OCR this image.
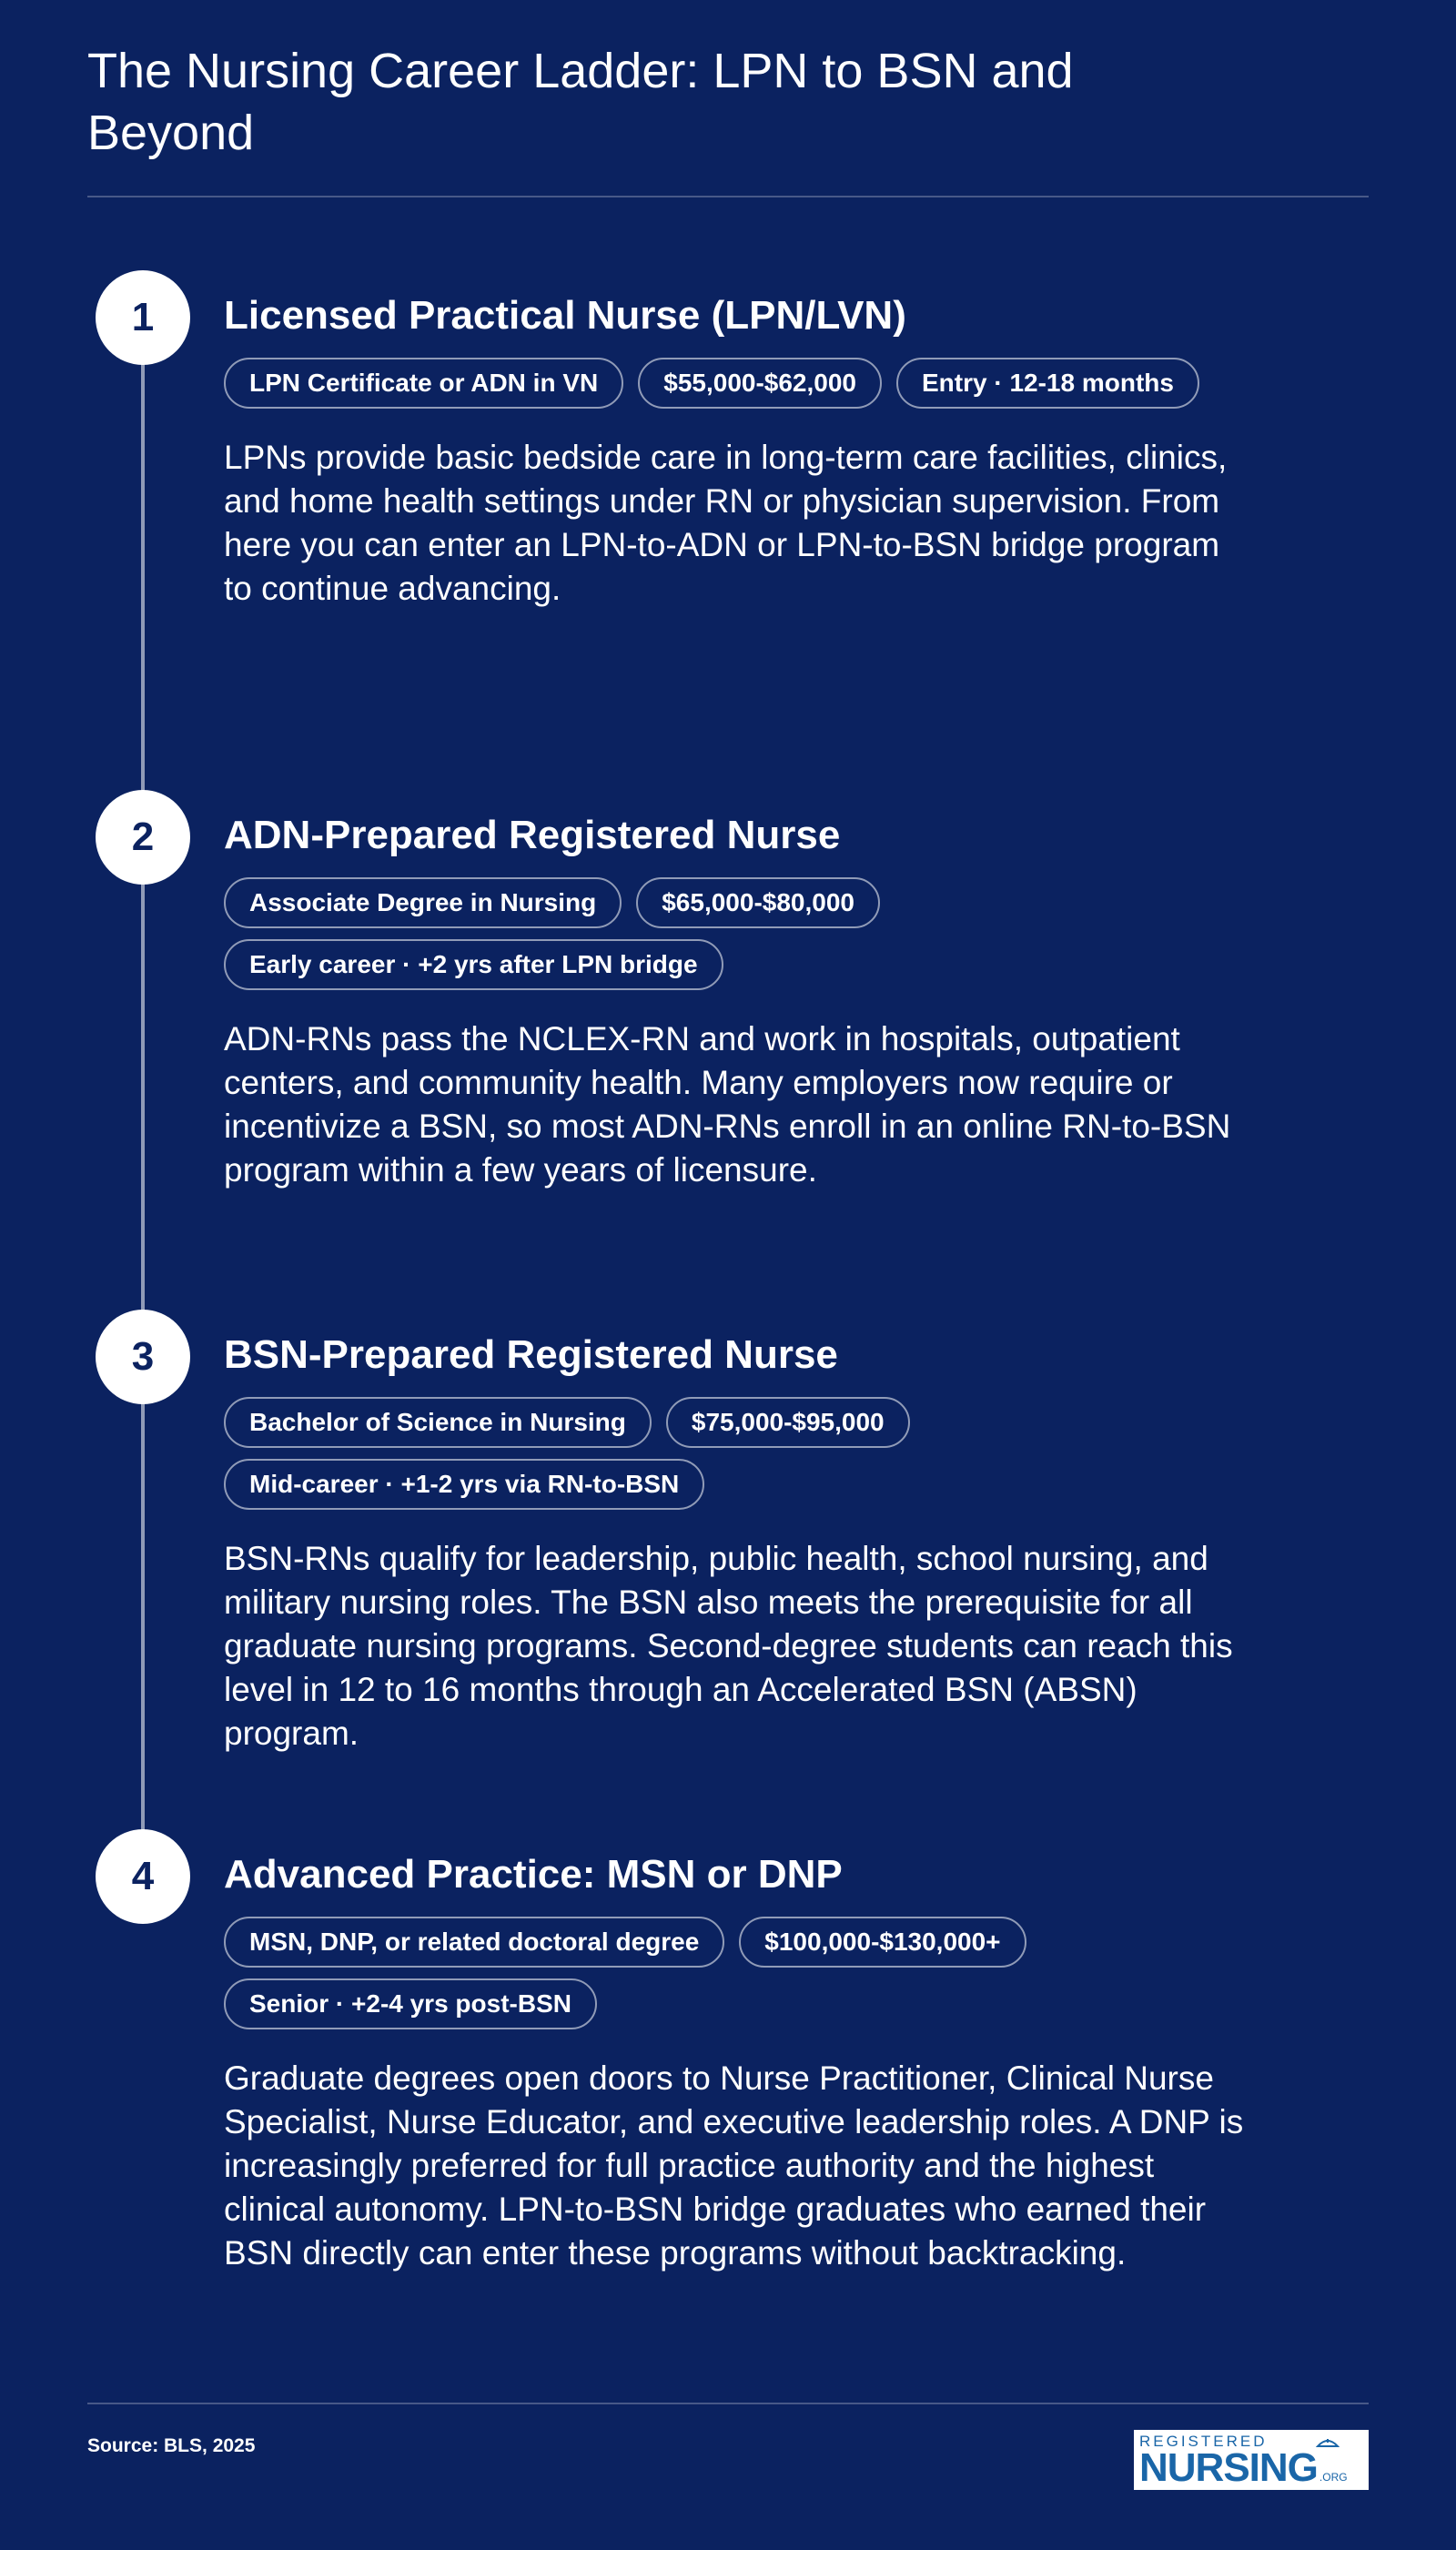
The Nursing Career Ladder: LPN to BSN and Beyond
1	Licensed Practical Nurse (LPN/LVN)
LPN Certificate or ADN in VN	$55,000-$62,000	Entry · 12-18 months

LPNs provide basic bedside care in long-term care facilities, clinics, and home health settings under RN or physician supervision. From here you can enter an LPN-to-ADN or LPN-to-BSN bridge program to continue advancing.

2	ADN-Prepared Registered Nurse
Associate Degree in Nursing	$65,000-$80,000
Early career · +2 yrs after LPN bridge

ADN-RNs pass the NCLEX-RN and work in hospitals, outpatient centers, and community health. Many employers now require or incentivize a BSN, so most ADN-RNs enroll in an online RN-to-BSN program within a few years of licensure.

3	BSN-Prepared Registered Nurse
Bachelor of Science in Nursing	$75,000-$95,000
Mid-career · +1-2 yrs via RN-to-BSN

BSN-RNs qualify for leadership, public health, school nursing, and military nursing roles. The BSN also meets the prerequisite for all graduate nursing programs. Second-degree students can reach this level in 12 to 16 months through an Accelerated BSN (ABSN) program.

4	Advanced Practice: MSN or DNP
MSN, DNP, or related doctoral degree	$100,000-$130,000+
Senior · +2-4 yrs post-BSN

Graduate degrees open doors to Nurse Practitioner, Clinical Nurse Specialist, Nurse Educator, and executive leadership roles. A DNP is increasingly preferred for full practice authority and the highest clinical autonomy. LPN-to-BSN bridge graduates who earned their BSN directly can enter these programs without backtracking.

Source: BLS, 2025	REGISTERED
NURSING .ORG
